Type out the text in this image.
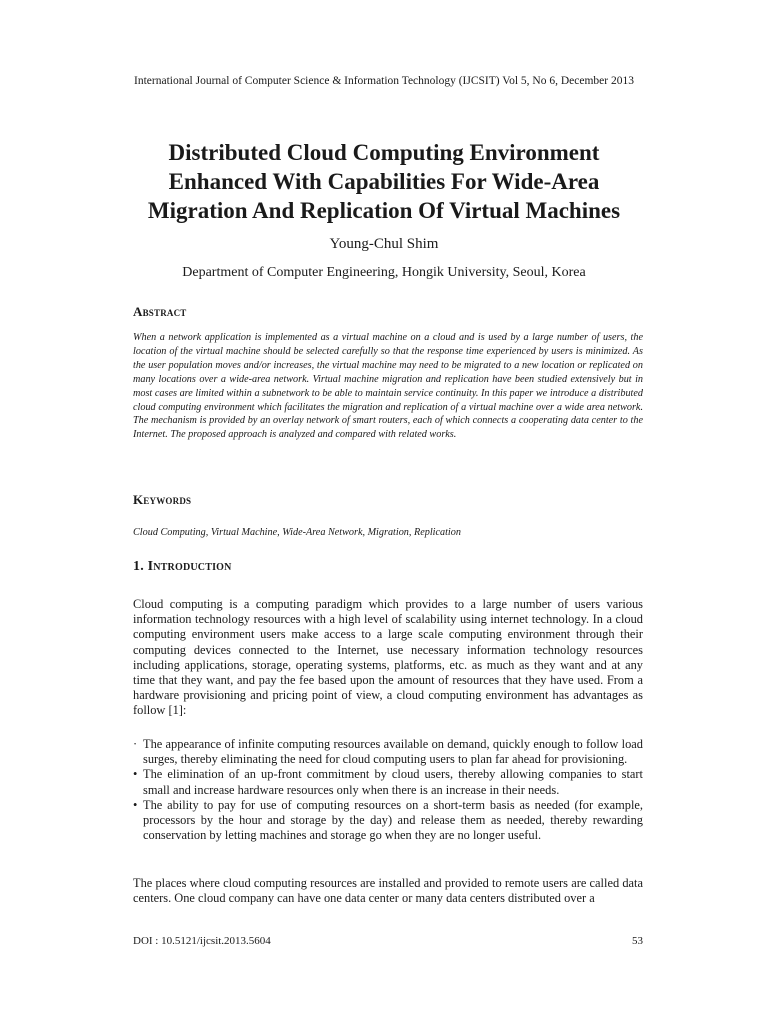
International Journal of Computer Science & Information Technology (IJCSIT) Vol 5, No 6, December 2013
Distributed Cloud Computing Environment
Enhanced With Capabilities For Wide-Area
Migration And Replication Of Virtual Machines
Young-Chul Shim
Department of Computer Engineering, Hongik University, Seoul, Korea
Abstract
When a network application is implemented as a virtual machine on a cloud and is used by a large number of users, the location of the virtual machine should be selected carefully so that the response time experienced by users is minimized. As the user population moves and/or increases, the virtual machine may need to be migrated to a new location or replicated on many locations over a wide-area network. Virtual machine migration and replication have been studied extensively but in most cases are limited within a subnetwork to be able to maintain service continuity. In this paper we introduce a distributed cloud computing environment which facilitates the migration and replication of a virtual machine over a wide area network. The mechanism is provided by an overlay network of smart routers, each of which connects a cooperating data center to the Internet. The proposed approach is analyzed and compared with related works.
Keywords
Cloud Computing, Virtual Machine, Wide-Area Network, Migration, Replication
1. Introduction
Cloud computing is a computing paradigm which provides to a large number of users various information technology resources with a high level of scalability using internet technology. In a cloud computing environment users make access to a large scale computing environment through their computing devices connected to the Internet, use necessary information technology resources including applications, storage, operating systems, platforms, etc. as much as they want and at any time that they want, and pay the fee based upon the amount of resources that they have used. From a hardware provisioning and pricing point of view, a cloud computing environment has advantages as follow [1]:
· The appearance of infinite computing resources available on demand, quickly enough to follow load surges, thereby eliminating the need for cloud computing users to plan far ahead for provisioning.
• The elimination of an up-front commitment by cloud users, thereby allowing companies to start small and increase hardware resources only when there is an increase in their needs.
• The ability to pay for use of computing resources on a short-term basis as needed (for example, processors by the hour and storage by the day) and release them as needed, thereby rewarding conservation by letting machines and storage go when they are no longer useful.
The places where cloud computing resources are installed and provided to remote users are called data centers. One cloud company can have one data center or many data centers distributed over a
DOI : 10.5121/ijcsit.2013.5604	53
